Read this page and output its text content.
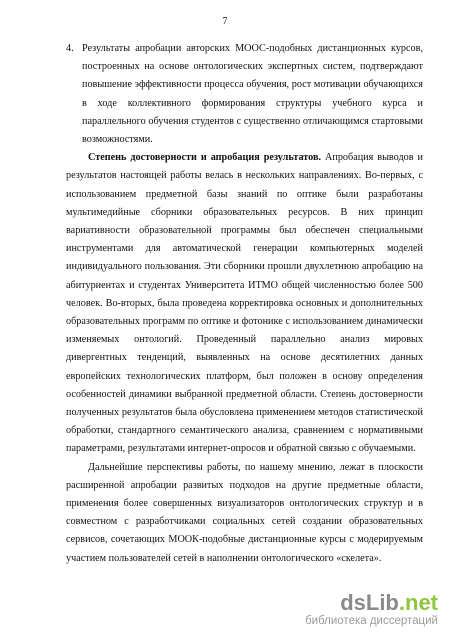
7
4. Результаты апробации авторских МООС-подобных дистанционных курсов, построенных на основе онтологических экспертных систем, подтверждают повышение эффективности процесса обучения, рост мотивации обучающихся в ходе коллективного формирования структуры учебного курса и параллельного обучения студентов с существенно отличающимся стартовыми возможностями.

Степень достоверности и апробация результатов. Апробация выводов и результатов настоящей работы велась в нескольких направлениях. Во-первых, с использованием предметной базы знаний по оптике были разработаны мультимедийные сборники образовательных ресурсов. В них принцип вариативности образовательной программы был обеспечен специальными инструментами для автоматической генерации компьютерных моделей индивидуального пользования. Эти сборники прошли двухлетнюю апробацию на абитуриентах и студентах Университета ИТМО общей численностью более 500 человек. Во-вторых, была проведена корректировка основных и дополнительных образовательных программ по оптике и фотонике с использованием динамически изменяемых онтологий. Проведенный параллельно анализ мировых дивергентных тенденций, выявленных на основе десятилетних данных европейских технологических платформ, был положен в основу определения особенностей динамики выбранной предметной области. Степень достоверности полученных результатов была обусловлена применением методов статистической обработки, стандартного семантического анализа, сравнением с нормативными параметрами, результатами интернет-опросов и обратной связью с обучаемыми.

Дальнейшие перспективы работы, по нашему мнению, лежат в плоскости расширенной апробации развитых подходов на другие предметные области, применения более совершенных визуализаторов онтологических структур и в совместном с разработчиками социальных сетей создании образовательных сервисов, сочетающих МООК-подобные дистанционные курсы с модерируемым участием пользователей сетей в наполнении онтологического «скелета».

dsLib.net
библиотека диссертаций
